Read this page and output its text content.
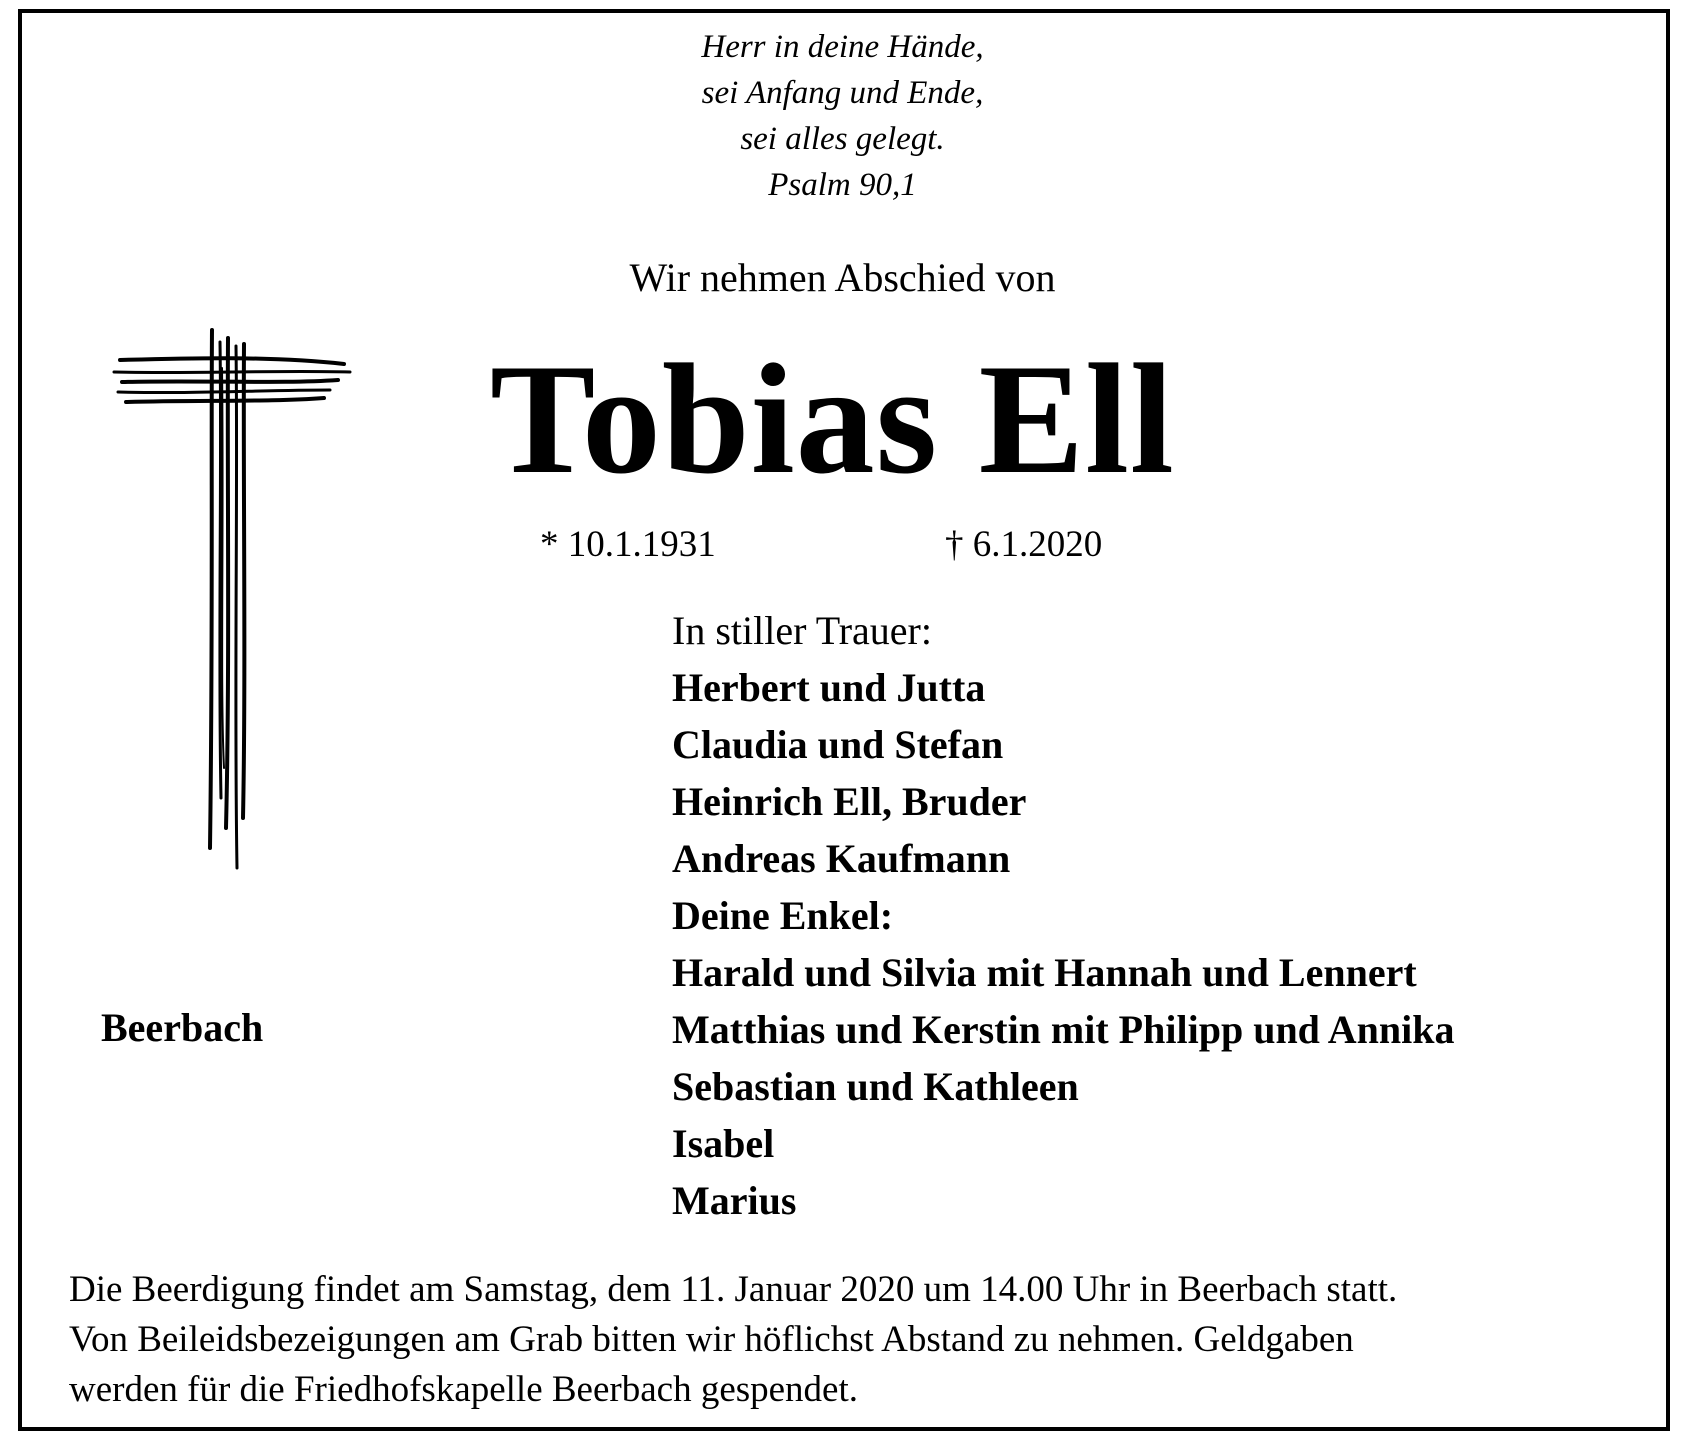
Herr in deine Hände,
sei Anfang und Ende,
sei alles gelegt.
Psalm 90,1
Wir nehmen Abschied von
Tobias Ell
* 10.1.1931	† 6.1.2020
Beerbach
In stiller Trauer:
Herbert und Jutta
Claudia und Stefan
Heinrich Ell, Bruder
Andreas Kaufmann
Deine Enkel:
Harald und Silvia mit Hannah und Lennert
Matthias und Kerstin mit Philipp und Annika
Sebastian und Kathleen
Isabel
Marius
Die Beerdigung findet am Samstag, dem 11. Januar 2020 um 14.00 Uhr in Beerbach statt.
Von Beileidsbezeigungen am Grab bitten wir höflichst Abstand zu nehmen. Geldgaben
werden für die Friedhofskapelle Beerbach gespendet.
